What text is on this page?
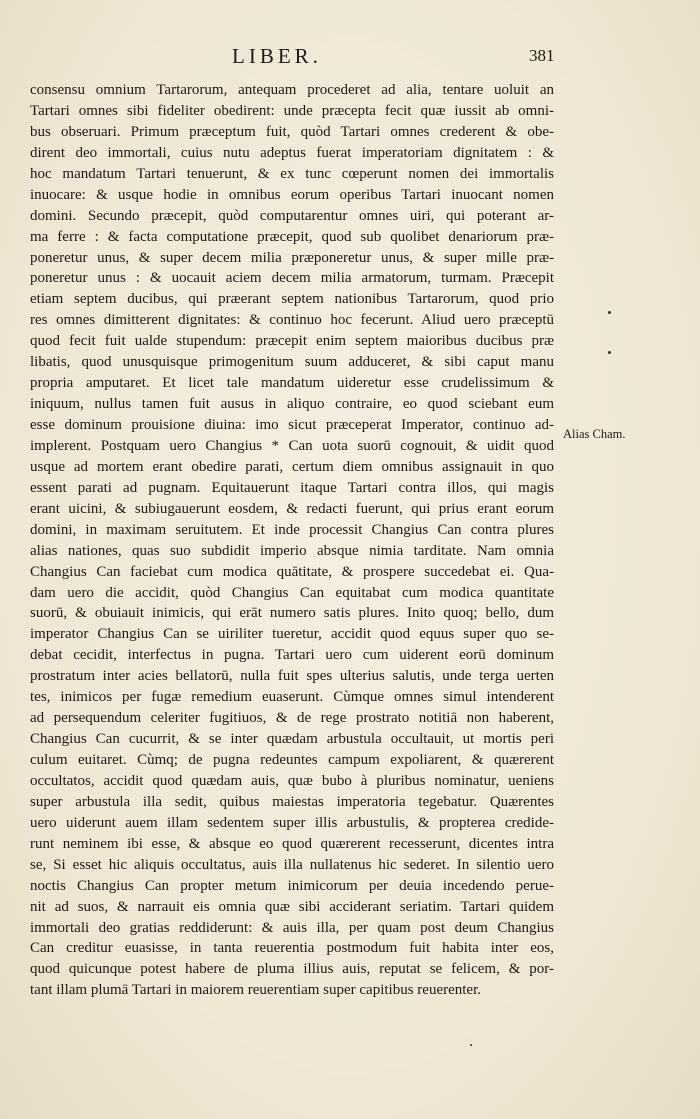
LIBER.	381
consensu omnium Tartarorum, antequam procederet ad alia, tentare uoluit an
Tartari omnes sibi fideliter obedirent: unde præcepta fecit quæ iussit ab omni-
bus obseruari. Primum præceptum fuit, quòd Tartari omnes crederent & obe-
dirent deo immortali, cuius nutu adeptus fuerat imperatoriam dignitatem : &
hoc mandatum Tartari tenuerunt, & ex tunc cœperunt nomen dei immortalis
inuocare: & usque hodie in omnibus eorum operibus Tartari inuocant nomen
domini. Secundo præcepit, quòd computarentur omnes uiri, qui poterant ar-
ma ferre : & facta computatione præcepit, quod sub quolibet denariorum præ-
poneretur unus, & super decem milia præponeretur unus, & super mille præ-
poneretur unus : & uocauit aciem decem milia armatorum, turmam. Præcepit
etiam septem ducibus, qui præerant septem nationibus Tartarorum, quod prio
res omnes dimitterent dignitates: & continuo hoc fecerunt. Aliud uero præceptū
quod fecit fuit ualde stupendum: præcepit enim septem maioribus ducibus præ
libatis, quod unusquisque primogenitum suum adduceret, & sibi caput manu
propria amputaret. Et licet tale mandatum uideretur esse crudelissimum &
iniquum, nullus tamen fuit ausus in aliquo contraire, eo quod sciebant eum
esse dominum prouisione diuina: imo sicut præceperat Imperator, continuo ad-
implerent. Postquam uero Changius * Can uota suorū cognouit, & uidit quod
usque ad mortem erant obedire parati, certum diem omnibus assignauit in quo
essent parati ad pugnam. Equitauerunt itaque Tartari contra illos, qui magis
erant uicini, & subiugauerunt eosdem, & redacti fuerunt, qui prius erant eorum
domini, in maximam seruitutem. Et inde processit Changius Can contra plures
alias nationes, quas suo subdidit imperio absque nimia tarditate. Nam omnia
Changius Can faciebat cum modica quātitate, & prospere succedebat ei. Qua-
dam uero die accidit, quòd Changius Can equitabat cum modica quantitate
suorū, & obuiauit inimicis, qui erāt numero satis plures. Inito quoq; bello, dum
imperator Changius Can se uiriliter tueretur, accidit quod equus super quo se-
debat cecidit, interfectus in pugna. Tartari uero cum uiderent eorū dominum
prostratum inter acies bellatorū, nulla fuit spes ulterius salutis, unde terga uerten
tes, inimicos per fugæ remedium euaserunt. Cùmque omnes simul intenderent
ad persequendum celeriter fugitiuos, & de rege prostrato notitiā non haberent,
Changius Can cucurrit, & se inter quædam arbustula occultauit, ut mortis peri
culum euitaret. Cùmq; de pugna redeuntes campum expoliarent, & quærerent
occultatos, accidit quod quædam auis, quæ bubo à pluribus nominatur, ueniens
super arbustula illa sedit, quibus maiestas imperatoria tegebatur. Quærentes
uero uiderunt auem illam sedentem super illis arbustulis, & propterea credide-
runt neminem ibi esse, & absque eo quod quærerent recesserunt, dicentes intra
se, Si esset hic aliquis occultatus, auis illa nullatenus hic sederet. In silentio uero
noctis Changius Can propter metum inimicorum per deuia incedendo perue-
nit ad suos, & narrauit eis omnia quæ sibi acciderant seriatim. Tartari quidem
immortali deo gratias reddiderunt: & auis illa, per quam post deum Changius
Can creditur euasisse, in tanta reuerentia postmodum fuit habita inter eos,
quod quicunque potest habere de pluma illius auis, reputat se felicem, & por-
tant illam plumā Tartari in maiorem reuerentiam super capitibus reuerenter.
Alias Cham.
